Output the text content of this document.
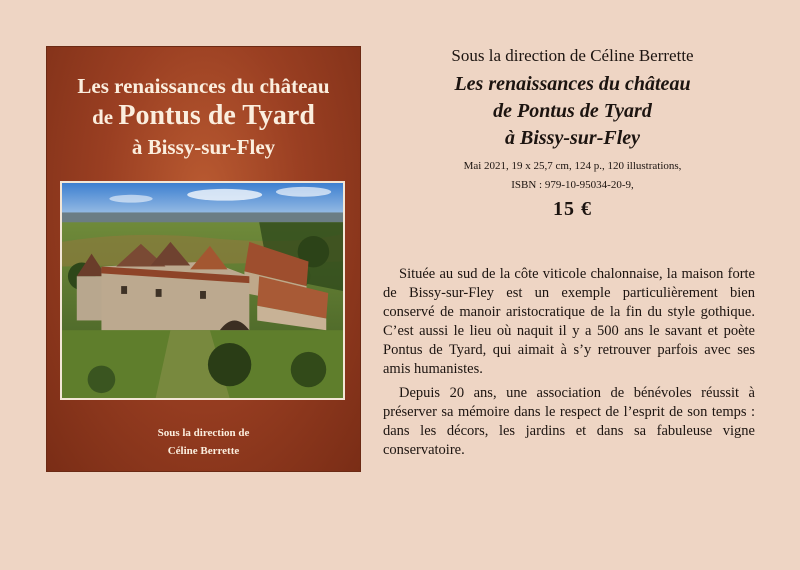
Les renaissances du château
de Pontus de Tyard
à Bissy-sur-Fley
Sous la direction de
Céline Berrette
Sous la direction de Céline Berrette
Les renaissances du château
de Pontus de Tyard
à Bissy-sur-Fley
Mai 2021, 19 x 25,7 cm, 124 p., 120 illustrations,
ISBN : 979-10-95034-20-9,
15 €

Située au sud de la côte viticole chalonnaise, la maison forte de Bissy-sur-Fley est un exemple particulièrement bien conservé de manoir aristocratique de la fin du style gothique. C’est aussi le lieu où naquit il y a 500 ans le savant et poète Pontus de Tyard, qui aimait à s’y retrouver parfois avec ses amis humanistes.

Depuis 20 ans, une association de bénévoles réussit à préserver sa mémoire dans le respect de l’esprit de son temps : dans les décors, les jardins et dans sa fabuleuse vigne conservatoire.
